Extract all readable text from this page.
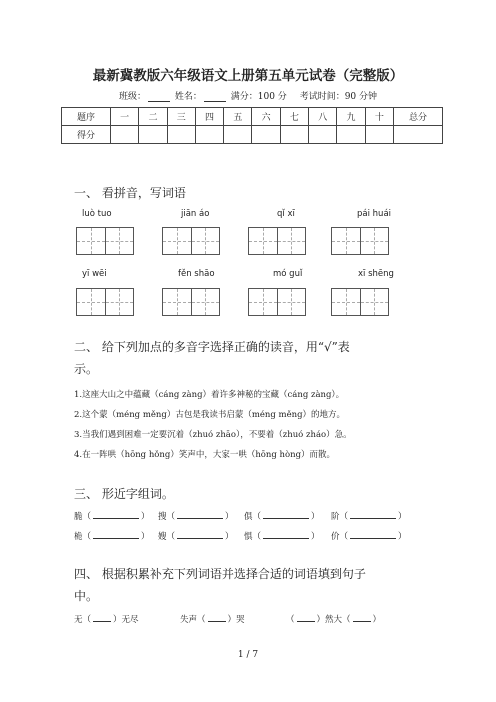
最新冀教版六年级语文上册第五单元试卷（完整版）
班级：	姓名：	满分：100 分 考试时间：90 分钟
题序	一	二	三	四	五	六	七	八	九	十	总分
得分											
一、 看拼音，写词语
luò tuo	jiān áo	qǐ xī	pái huái
yī wēi	fěn shāo	mó guǐ	xī shēng
二、 给下列加点的多音字选择正确的读音，用“√”表
示。
1.这座大山之中蕴藏（cáng zàng）着许多神秘的宝藏（cáng zàng）。
2.这个蒙（méng měng）古包是我读书启蒙（méng měng）的地方。
3.当我们遇到困难一定要沉着（zhuó zhāo），不要着（zhuó zháo）急。
4.在一阵哄（hōng hǒng）笑声中，大家一哄（hōng hòng）而散。
三、 形近字组词。
脆（	） 搜（	） 俱（	） 阶（	）
桅（	） 嫂（	） 惧（	） 价（	）
四、 根据积累补充下列词语并选择合适的词语填到句子
中。
无（	）无尽	失声（	）哭	（	）然大（	）
1 / 7
